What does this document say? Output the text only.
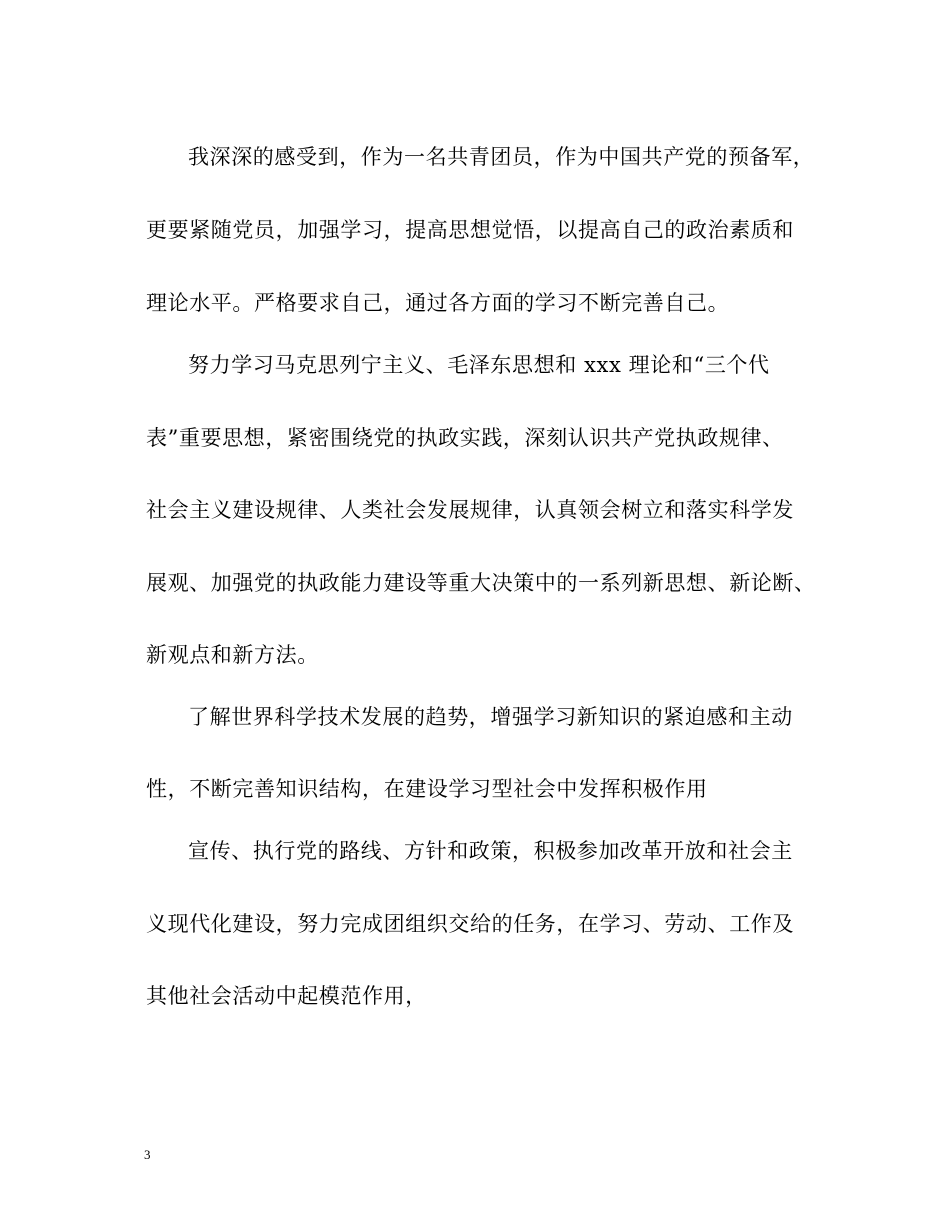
我深深的感受到，作为一名共青团员，作为中国共产党的预备军，
更要紧随党员，加强学习，提高思想觉悟，以提高自己的政治素质和
理论水平。严格要求自己，通过各方面的学习不断完善自己。
努力学习马克思列宁主义、毛泽东思想和 xxx 理论和“三个代
表”重要思想，紧密围绕党的执政实践，深刻认识共产党执政规律、
社会主义建设规律、人类社会发展规律，认真领会树立和落实科学发
展观、加强党的执政能力建设等重大决策中的一系列新思想、新论断、
新观点和新方法。
了解世界科学技术发展的趋势，增强学习新知识的紧迫感和主动
性，不断完善知识结构，在建设学习型社会中发挥积极作用
宣传、执行党的路线、方针和政策，积极参加改革开放和社会主
义现代化建设，努力完成团组织交给的任务，在学习、劳动、工作及
其他社会活动中起模范作用，
3
